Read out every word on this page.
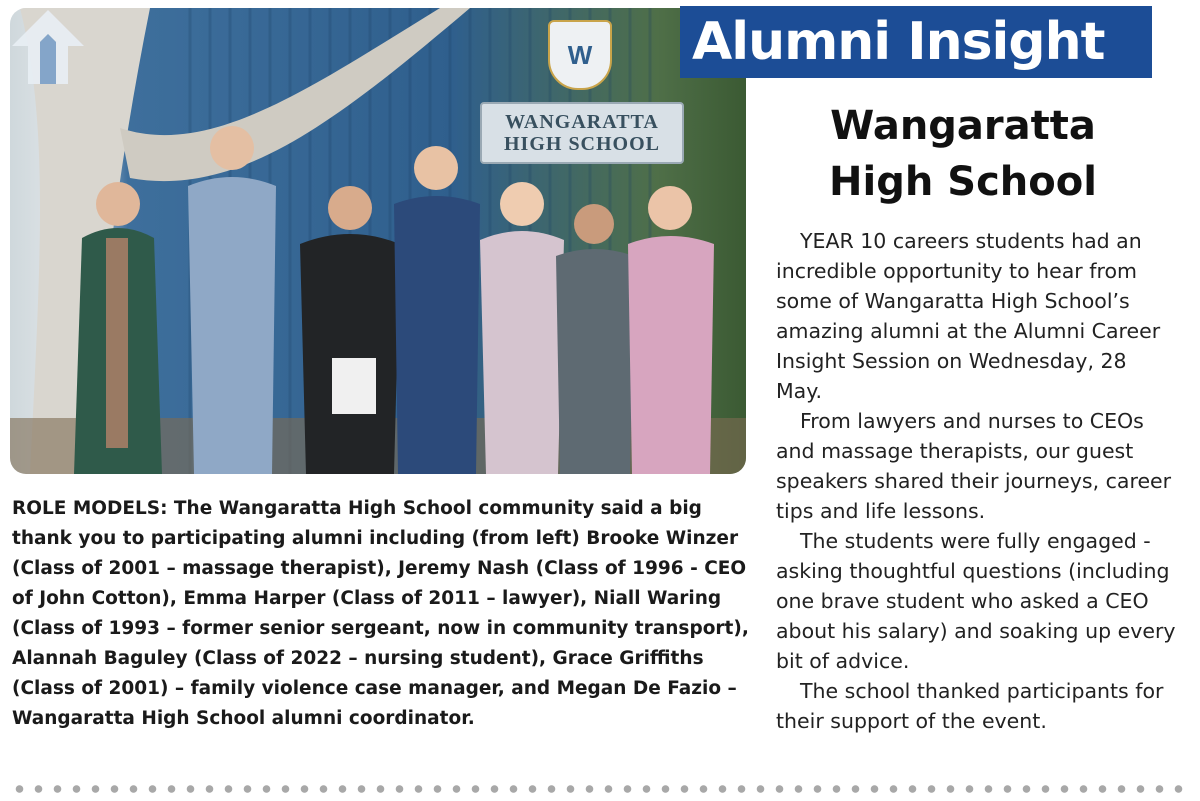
W
WANGARATTA
HIGH SCHOOL
Alumni Insight
Wangaratta High School

YEAR 10 careers students had an incredible opportunity to hear from some of Wangaratta High School’s amazing alumni at the Alumni Career Insight Session on Wednesday, 28 May.

From lawyers and nurses to CEOs and massage therapists, our guest speakers shared their journeys, career tips and life lessons.

The students were fully engaged - asking thoughtful questions (including one brave student who asked a CEO about his salary) and soaking up every bit of advice.

The school thanked participants for their support of the event.

ROLE MODELS: The Wangaratta High School community said a big thank you to participating alumni including (from left) Brooke Winzer (Class of 2001 – massage therapist), Jeremy Nash (Class of 1996 - CEO of John Cotton), Emma Harper (Class of 2011 – lawyer), Niall Waring (Class of 1993 – former senior sergeant, now in community transport), Alannah Baguley (Class of 2022 – nursing student), Grace Griffiths (Class of 2001) – family violence case manager, and Megan De Fazio – Wangaratta High School alumni coordinator.
